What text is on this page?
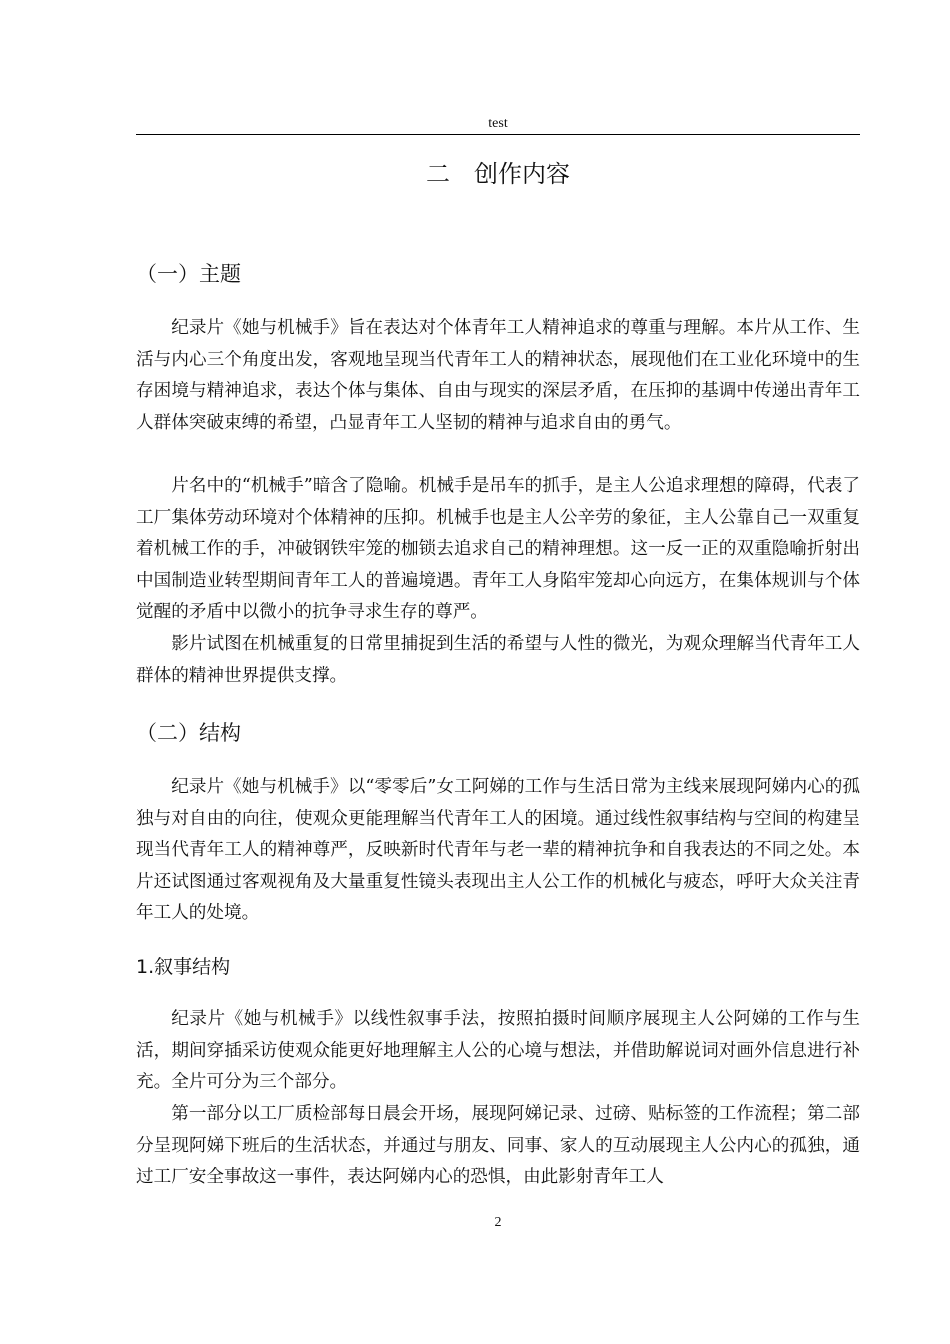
test
二　创作内容
（一）主题

纪录片《她与机械手》旨在表达对个体青年工人精神追求的尊重与理解。本片从工作、生活与内心三个角度出发，客观地呈现当代青年工人的精神状态，展现他们在工业化环境中的生存困境与精神追求，表达个体与集体、自由与现实的深层矛盾，在压抑的基调中传递出青年工人群体突破束缚的希望，凸显青年工人坚韧的精神与追求自由的勇气。

片名中的“机械手”暗含了隐喻。机械手是吊车的抓手，是主人公追求理想的障碍，代表了工厂集体劳动环境对个体精神的压抑。机械手也是主人公辛劳的象征，主人公靠自己一双重复着机械工作的手，冲破钢铁牢笼的枷锁去追求自己的精神理想。这一反一正的双重隐喻折射出中国制造业转型期间青年工人的普遍境遇。青年工人身陷牢笼却心向远方，在集体规训与个体觉醒的矛盾中以微小的抗争寻求生存的尊严。

影片试图在机械重复的日常里捕捉到生活的希望与人性的微光，为观众理解当代青年工人群体的精神世界提供支撑。

（二）结构

纪录片《她与机械手》以“零零后”女工阿娣的工作与生活日常为主线来展现阿娣内心的孤独与对自由的向往，使观众更能理解当代青年工人的困境。通过线性叙事结构与空间的构建呈现当代青年工人的精神尊严，反映新时代青年与老一辈的精神抗争和自我表达的不同之处。本片还试图通过客观视角及大量重复性镜头表现出主人公工作的机械化与疲态，呼吁大众关注青年工人的处境。

1.叙事结构

纪录片《她与机械手》以线性叙事手法，按照拍摄时间顺序展现主人公阿娣的工作与生活，期间穿插采访使观众能更好地理解主人公的心境与想法，并借助解说词对画外信息进行补充。全片可分为三个部分。

第一部分以工厂质检部每日晨会开场，展现阿娣记录、过磅、贴标签的工作流程；第二部分呈现阿娣下班后的生活状态，并通过与朋友、同事、家人的互动展现主人公内心的孤独，通过工厂安全事故这一事件，表达阿娣内心的恐惧，由此影射青年工人

2
